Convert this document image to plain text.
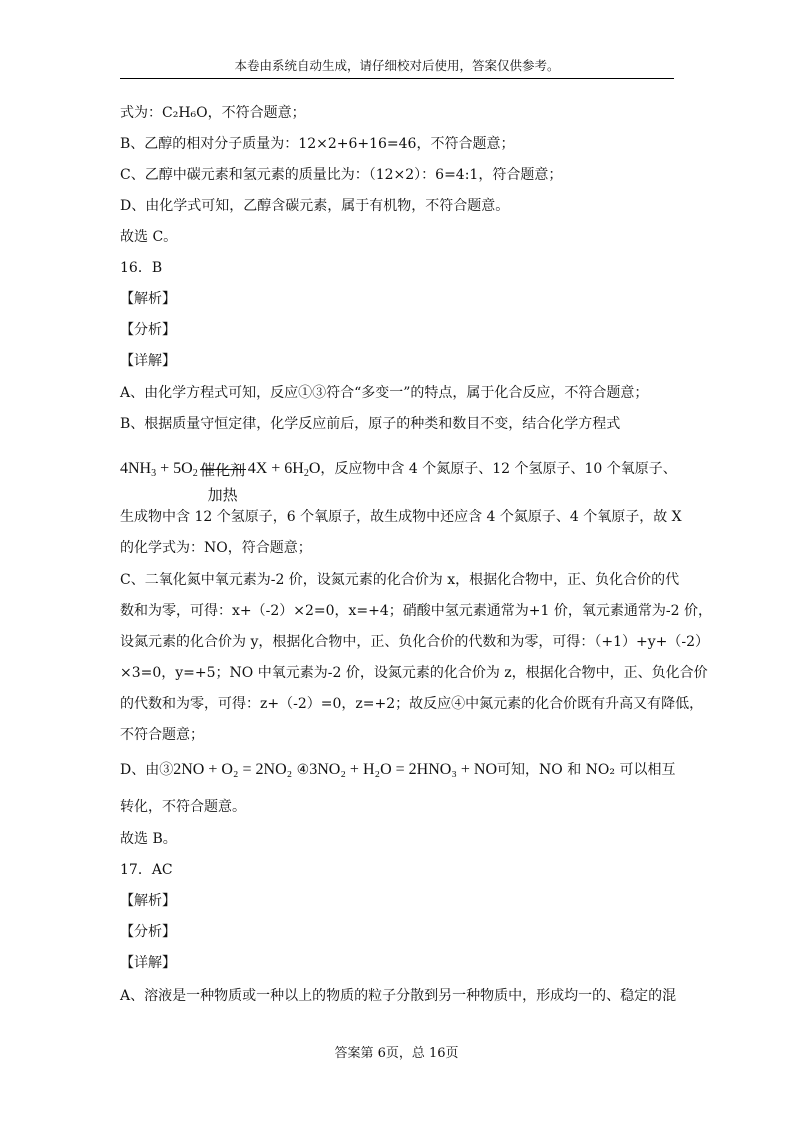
本卷由系统自动生成，请仔细校对后使用，答案仅供参考。
式为：C₂H₆O，不符合题意；
B、乙醇的相对分子质量为：12×2+6+16=46，不符合题意；
C、乙醇中碳元素和氢元素的质量比为：（12×2）：6=4:1，符合题意；
D、由化学式可知，乙醇含碳元素，属于有机物，不符合题意。
故选 C。
16．B
【解析】
【分析】
【详解】
A、由化学方程式可知，反应①③符合“多变一”的特点，属于化合反应，不符合题意；
B、根据质量守恒定律，化学反应前后，原子的种类和数目不变，结合化学方程式
$4NH_3 + 5O_2$ 催化剂
加热
$4X + 6H_2O$，反应物中含 4 个氮原子、12 个氢原子、10 个氧原子、
生成物中含 12 个氢原子，6 个氧原子，故生成物中还应含 4 个氮原子、4 个氧原子，故 X
的化学式为：NO，符合题意；
C、二氧化氮中氧元素为-2 价，设氮元素的化合价为 x，根据化合物中，正、负化合价的代
数和为零，可得：x+（-2）×2=0，x=+4；硝酸中氢元素通常为+1 价，氧元素通常为-2 价，
设氮元素的化合价为 y，根据化合物中，正、负化合价的代数和为零，可得：（+1）+y+（-2）
×3=0，y=+5；NO 中氧元素为-2 价，设氮元素的化合价为 z，根据化合物中，正、负化合价
的代数和为零，可得：z+（-2）=0，z=+2；故反应④中氮元素的化合价既有升高又有降低，
不符合题意；
D、由③2NO + O₂ = 2NO₂ ④3NO₂ + H₂O = 2HNO₃ + NO可知，NO 和 NO₂ 可以相互
转化，不符合题意。
故选 B。
17．AC
【解析】
【分析】
【详解】
A、溶液是一种物质或一种以上的物质的粒子分散到另一种物质中，形成均一的、稳定的混
答案第 6页，总 16页
